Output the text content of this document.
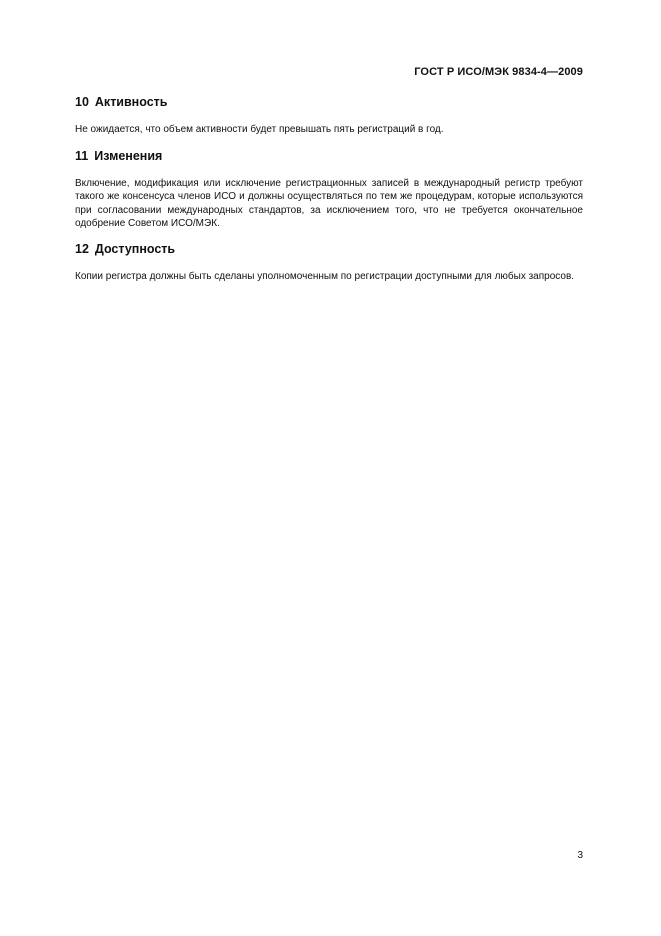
ГОСТ Р ИСО/МЭК 9834-4—2009
10 Активность

Не ожидается, что объем активности будет превышать пять регистраций в год.

11 Изменения

Включение, модификация или исключение регистрационных записей в международный регистр требуют такого же консенсуса членов ИСО и должны осуществляться по тем же процедурам, которые используются при согласовании международных стандартов, за исключением того, что не требуется окончательное одобрение Советом ИСО/МЭК.

12 Доступность

Копии регистра должны быть сделаны уполномоченным по регистрации доступными для любых запросов.

3
